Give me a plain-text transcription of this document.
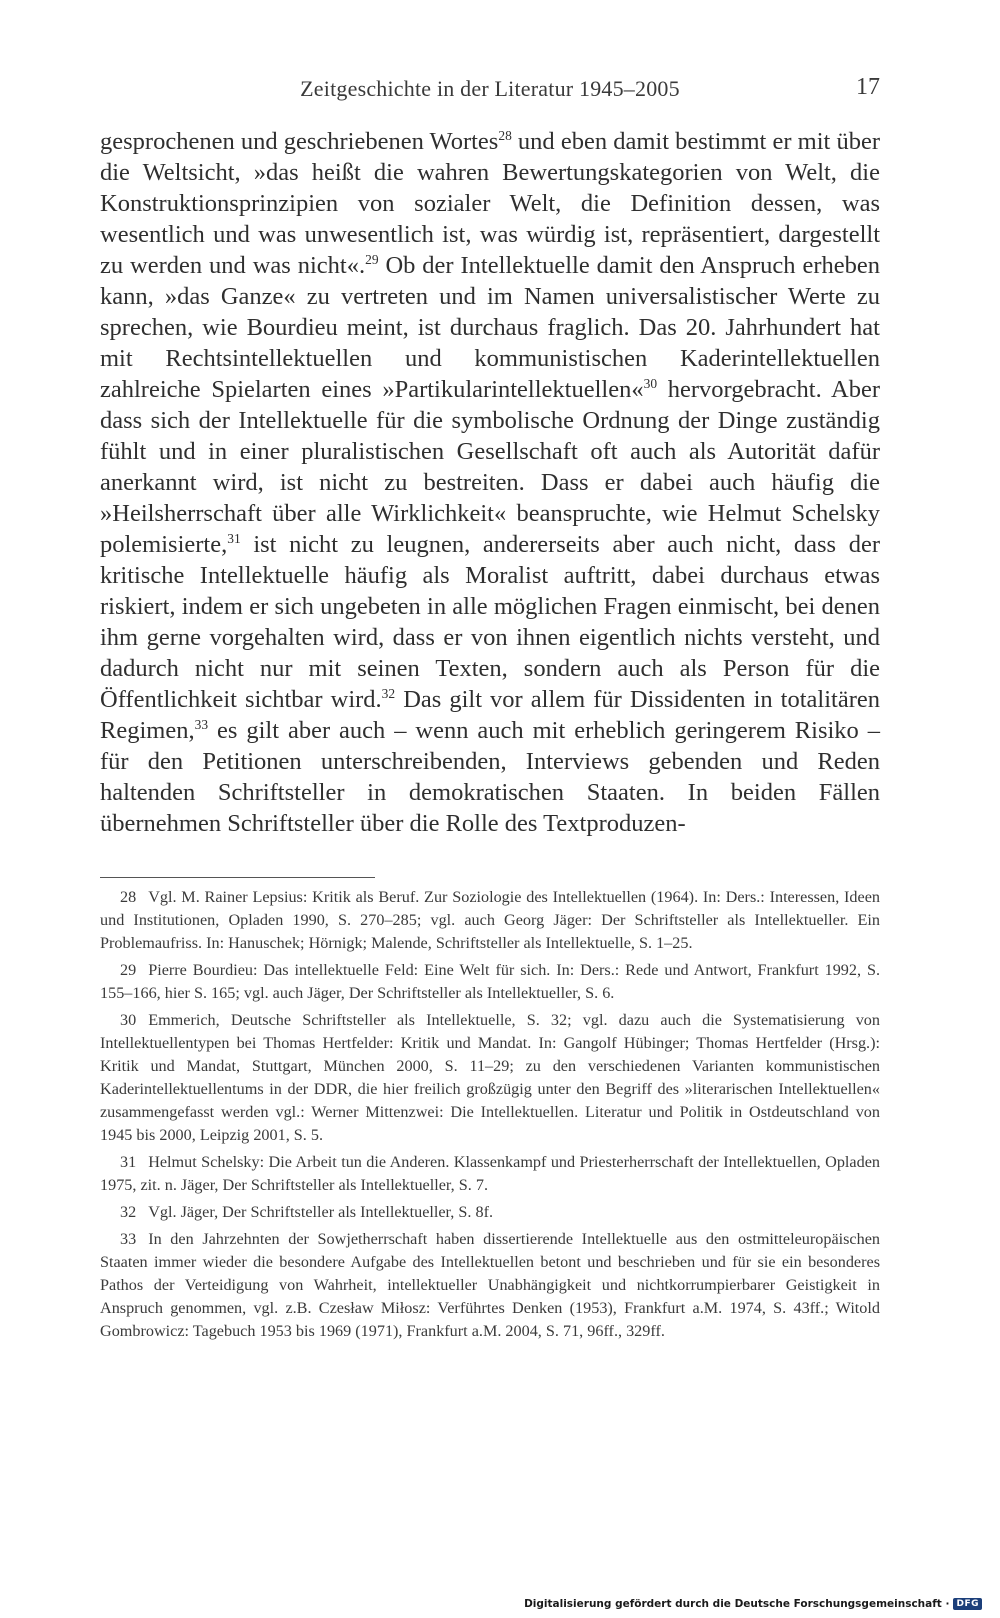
Zeitgeschichte in der Literatur 1945–2005	17

gesprochenen und geschriebenen Wortes$^{28}$ und eben damit bestimmt er mit über die Weltsicht, »das heißt die wahren Bewertungskategorien von Welt, die Konstruktionsprinzipien von sozialer Welt, die Definition dessen, was wesentlich und was unwesentlich ist, was würdig ist, repräsentiert, dargestellt zu werden und was nicht«.$^{29}$ Ob der Intellektuelle damit den Anspruch erheben kann, »das Ganze« zu vertreten und im Namen universalistischer Werte zu sprechen, wie Bourdieu meint, ist durchaus fraglich. Das 20. Jahrhundert hat mit Rechtsintellektuellen und kommunistischen Kaderintellektuellen zahlreiche Spielarten eines »Partikularintellektuellen«$^{30}$ hervorgebracht. Aber dass sich der Intellektuelle für die symbolische Ordnung der Dinge zuständig fühlt und in einer pluralistischen Gesellschaft oft auch als Autorität dafür anerkannt wird, ist nicht zu bestreiten. Dass er dabei auch häufig die »Heilsherrschaft über alle Wirklichkeit« beanspruchte, wie Helmut Schelsky polemisierte,$^{31}$ ist nicht zu leugnen, andererseits aber auch nicht, dass der kritische Intellektuelle häufig als Moralist auftritt, dabei durchaus etwas riskiert, indem er sich ungebeten in alle möglichen Fragen einmischt, bei denen ihm gerne vorgehalten wird, dass er von ihnen eigentlich nichts versteht, und dadurch nicht nur mit seinen Texten, sondern auch als Person für die Öffentlichkeit sichtbar wird.$^{32}$ Das gilt vor allem für Dissidenten in totalitären Regimen,$^{33}$ es gilt aber auch – wenn auch mit erheblich geringerem Risiko – für den Petitionen unterschreibenden, Interviews gebenden und Reden haltenden Schriftsteller in demokratischen Staaten. In beiden Fällen übernehmen Schriftsteller über die Rolle des Textproduzen-

28 Vgl. M. Rainer Lepsius: Kritik als Beruf. Zur Soziologie des Intellektuellen (1964). In: Ders.: Interessen, Ideen und Institutionen, Opladen 1990, S. 270–285; vgl. auch Georg Jäger: Der Schriftsteller als Intellektueller. Ein Problemaufriss. In: Hanuschek; Hörnigk; Malende, Schriftsteller als Intellektuelle, S. 1–25.

29 Pierre Bourdieu: Das intellektuelle Feld: Eine Welt für sich. In: Ders.: Rede und Antwort, Frankfurt 1992, S. 155–166, hier S. 165; vgl. auch Jäger, Der Schriftsteller als Intellektueller, S. 6.

30 Emmerich, Deutsche Schriftsteller als Intellektuelle, S. 32; vgl. dazu auch die Systematisierung von Intellektuellentypen bei Thomas Hertfelder: Kritik und Mandat. In: Gangolf Hübinger; Thomas Hertfelder (Hrsg.): Kritik und Mandat, Stuttgart, München 2000, S. 11–29; zu den verschiedenen Varianten kommunistischen Kaderintellektuellentums in der DDR, die hier freilich großzügig unter den Begriff des »literarischen Intellektuellen« zusammengefasst werden vgl.: Werner Mittenzwei: Die Intellektuellen. Literatur und Politik in Ostdeutschland von 1945 bis 2000, Leipzig 2001, S. 5.

31 Helmut Schelsky: Die Arbeit tun die Anderen. Klassenkampf und Priesterherrschaft der Intellektuellen, Opladen 1975, zit. n. Jäger, Der Schriftsteller als Intellektueller, S. 7.

32 Vgl. Jäger, Der Schriftsteller als Intellektueller, S. 8f.

33 In den Jahrzehnten der Sowjetherrschaft haben dissertierende Intellektuelle aus den ostmitteleuropäischen Staaten immer wieder die besondere Aufgabe des Intellektuellen betont und beschrieben und für sie ein besonderes Pathos der Verteidigung von Wahrheit, intellektueller Unabhängigkeit und nichtkorrumpierbarer Geistigkeit in Anspruch genommen, vgl. z.B. Czesław Miłosz: Verführtes Denken (1953), Frankfurt a.M. 1974, S. 43ff.; Witold Gombrowicz: Tagebuch 1953 bis 1969 (1971), Frankfurt a.M. 2004, S. 71, 96ff., 329ff.

Digitalisierung gefördert durch die Deutsche Forschungsgemeinschaft · DFG
